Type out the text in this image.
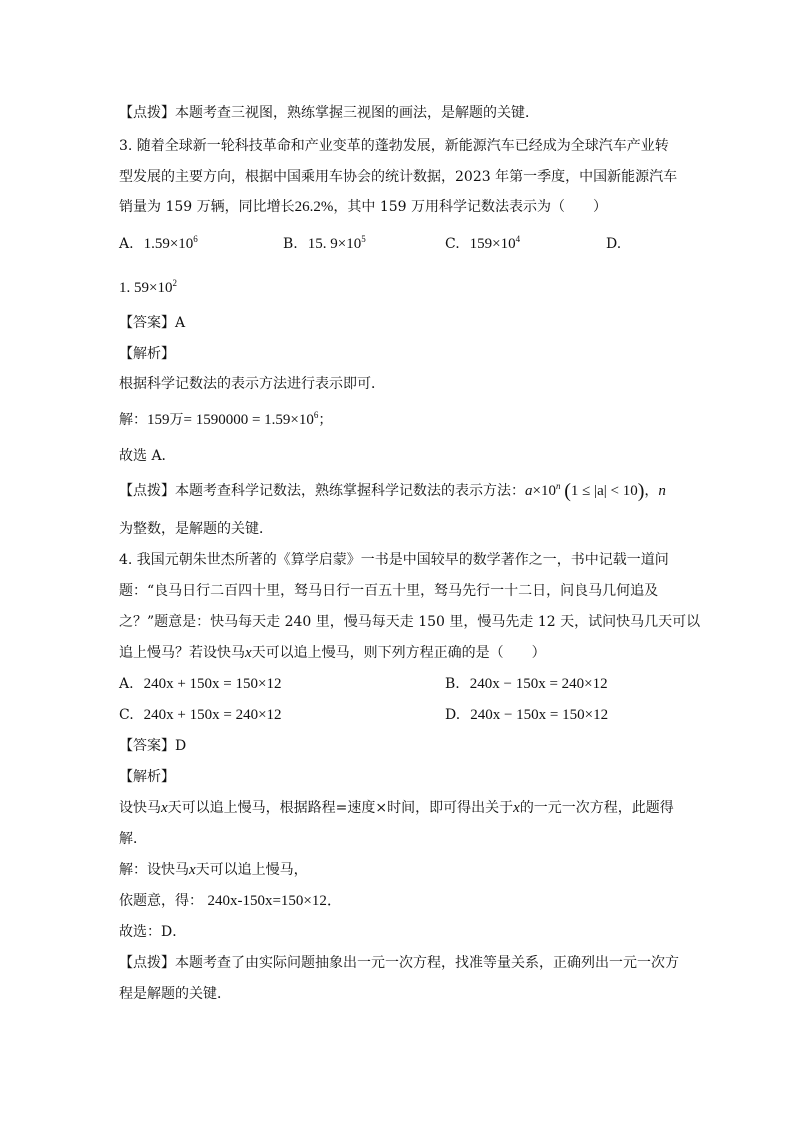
【点拨】本题考查三视图，熟练掌握三视图的画法，是解题的关键．
3. 随着全球新一轮科技革命和产业变革的蓬勃发展，新能源汽车已经成为全球汽车产业转
型发展的主要方向，根据中国乘用车协会的统计数据，2023 年第一季度，中国新能源汽车
销量为 159 万辆，同比增长26.2%，其中 159 万用科学记数法表示为（　　）
A. $1.59\times 10^6$	B. 15. $9\times 10^5$	C. $159\times 10^4$	D.
1. $59\times 10^2$
【答案】A
【解析】
根据科学记数法的表示方法进行表示即可．
解：159万= $1590000 = 1.59\times 10^6$；
故选 A．
【点拨】本题考查科学记数法，熟练掌握科学记数法的表示方法：$a\times 10^n$ (1 ≤ |a| < 10)，n
为整数，是解题的关键．
4. 我国元朝朱世杰所著的《算学启蒙》一书是中国较早的数学著作之一，书中记载一道问
题：“良马日行二百四十里，驽马日行一百五十里，驽马先行一十二日，问良马几何追及
之？”题意是：快马每天走 240 里，慢马每天走 150 里，慢马先走 12 天，试问快马几天可以
追上慢马？若设快马x天可以追上慢马，则下列方程正确的是（　　）
A. 240x + 150x = 150×12	B. 240x − 150x = 240×12
C. 240x + 150x = 240×12	D. 240x − 150x = 150×12
【答案】D
【解析】
设快马x天可以追上慢马，根据路程=速度×时间，即可得出关于x的一元一次方程，此题得
解．
解：设快马x天可以追上慢马，
依题意，得： 240x-150x=150×12．
故选：D．
【点拨】本题考查了由实际问题抽象出一元一次方程，找准等量关系，正确列出一元一次方
程是解题的关键．
